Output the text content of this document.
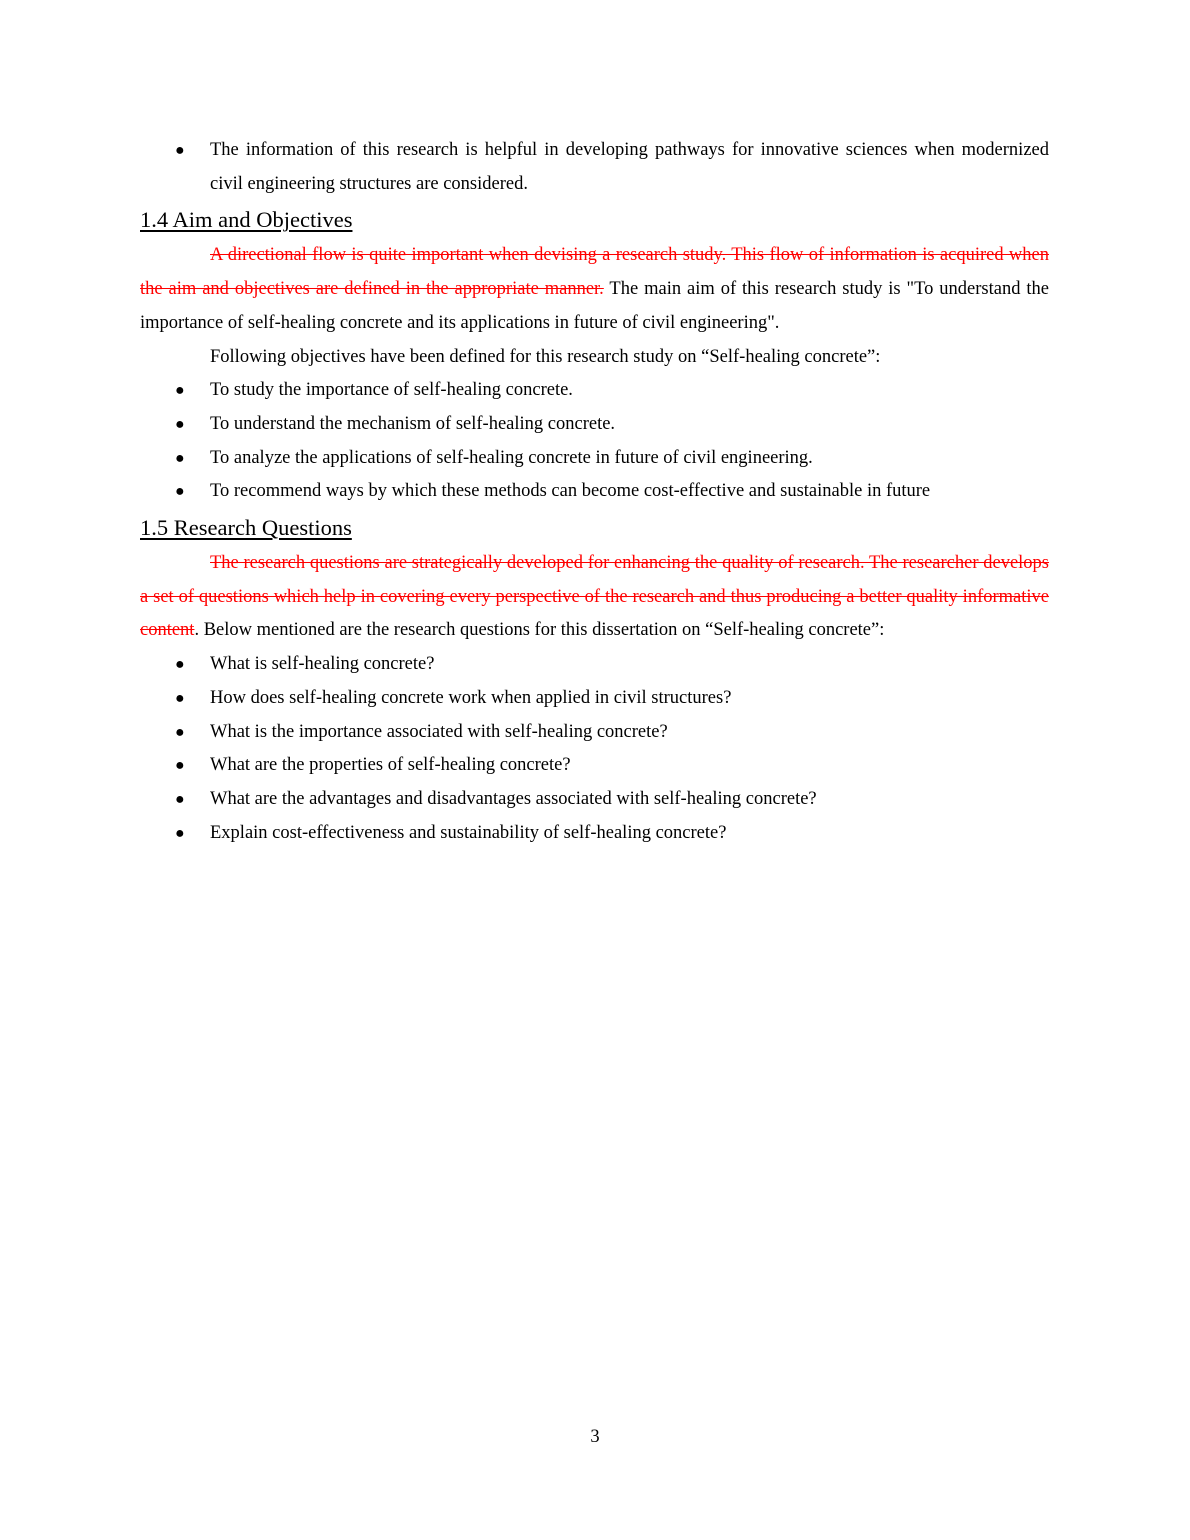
● The information of this research is helpful in developing pathways for innovative sciences when modernized civil engineering structures are considered.
1.4 Aim and Objectives

A directional flow is quite important when devising a research study. This flow of information is acquired when the aim and objectives are defined in the appropriate manner. The main aim of this research study is "To understand the importance of self-healing concrete and its applications in future of civil engineering".

Following objectives have been defined for this research study on “Self-healing concrete”:

● To study the importance of self-healing concrete.
● To understand the mechanism of self-healing concrete.
● To analyze the applications of self-healing concrete in future of civil engineering.
● To recommend ways by which these methods can become cost-effective and sustainable in future
1.5 Research Questions

The research questions are strategically developed for enhancing the quality of research. The researcher develops a set of questions which help in covering every perspective of the research and thus producing a better quality informative content. Below mentioned are the research questions for this dissertation on “Self-healing concrete”:

● What is self-healing concrete?
● How does self-healing concrete work when applied in civil structures?
● What is the importance associated with self-healing concrete?
● What are the properties of self-healing concrete?
● What are the advantages and disadvantages associated with self-healing concrete?
● Explain cost-effectiveness and sustainability of self-healing concrete?
3
